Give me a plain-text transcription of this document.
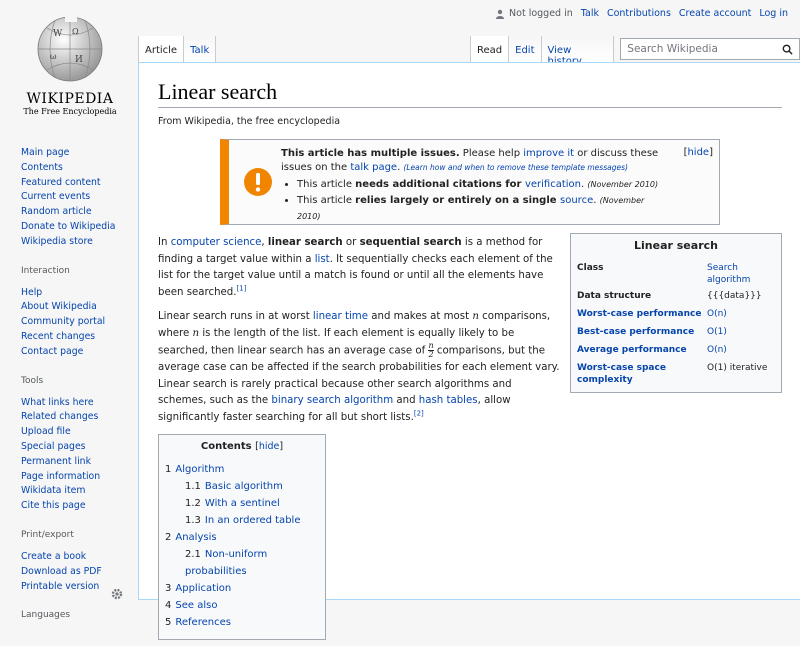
Not logged in Talk Contributions Create account Log in
W Ω
ω И
WIKIPEDIA
The Free Encyclopedia
Article	Talk	Read	Edit	View	Search Wikipedia
Main page
Contents
Featured content
Current events
Random article
Donate to Wikipedia
Wikipedia store
Interaction
Help
About Wikipedia
Community portal
Recent changes
Contact page
Tools
What links here
Related changes
Upload file
Special pages
Permanent link
Page information
Wikidata item
Cite this page
Print/export
Create a book
Download as PDF
Printable version
Languages
Linear search
From Wikipedia, the free encyclopedia
This article has multiple issues. Please help improve it or discuss these issues on the talk page. (Learn how and when to remove these template messages)
• This article needs additional citations for verification. (November 2010)
• This article relies largely or entirely on a single source. (November 2010)
[hide]
Linear search
Class	Search algorithm
Data structure	{{{data}}}
Worst-case performance	O(n)
Best-case performance	O(1)
Average performance	O(n)
Worst-case space complexity	O(1) iterative

In computer science, linear search or sequential search is a method for finding a target value within a list. It sequentially checks each element of the list for the target value until a match is found or until all the elements have been searched.[1]

Linear search runs in at worst linear time and makes at most n comparisons, where n is the length of the list. If each element is equally likely to be searched, then linear search has an average case of $\frac{n}{2}$ comparisons, but the average case can be affected if the search probabilities for each element vary. Linear search is rarely practical because other search algorithms and schemes, such as the binary search algorithm and hash tables, allow significantly faster searching for all but short lists.[2]

Contents [hide]
1 Algorithm
1.1 Basic algorithm
1.2 With a sentinel
1.3 In an ordered table
2 Analysis
2.1 Non-uniform probabilities
3 Application
4 See also
5 References
